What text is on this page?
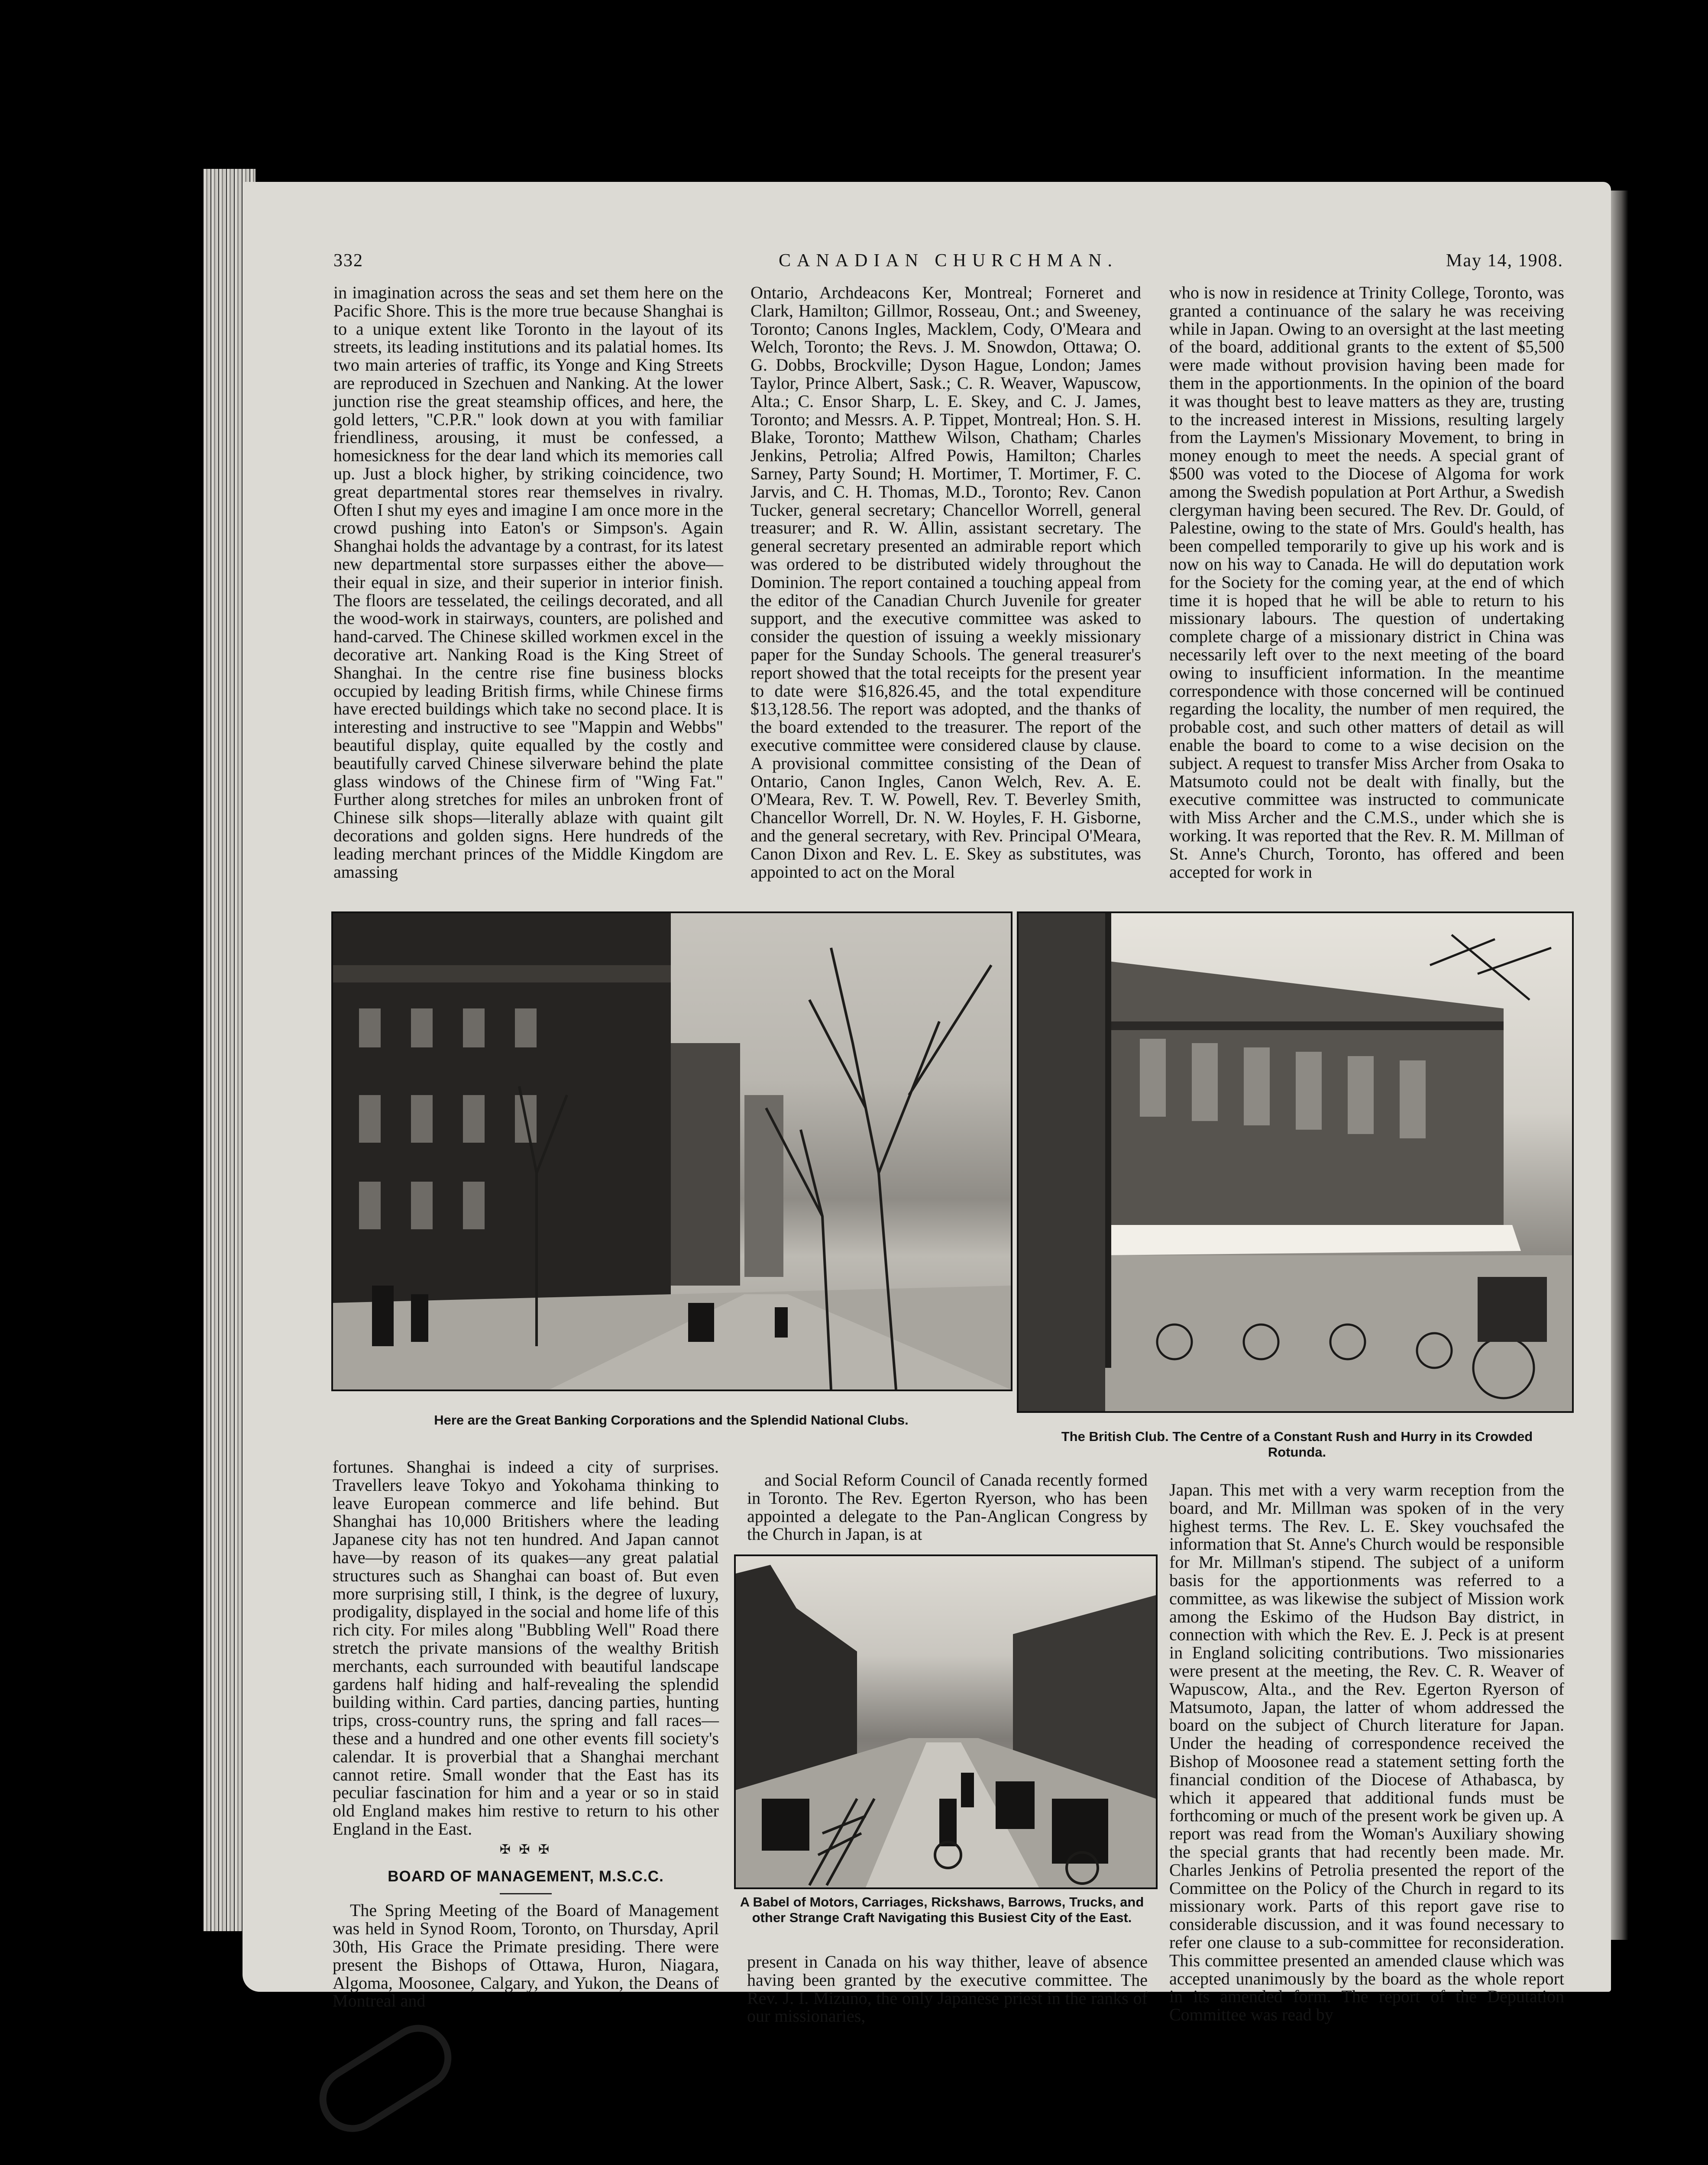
332	CANADIAN CHURCHMAN.	May 14, 1908.

in imagination across the seas and set them here on the Pacific Shore. This is the more true because Shanghai is to a unique extent like Toronto in the layout of its streets, its leading institutions and its palatial homes. Its two main arteries of traffic, its Yonge and King Streets are reproduced in Szechuen and Nanking. At the lower junction rise the great steamship offices, and here, the gold letters, "C.P.R." look down at you with familiar friendliness, arousing, it must be confessed, a homesickness for the dear land which its memories call up. Just a block higher, by striking coincidence, two great departmental stores rear themselves in rivalry. Often I shut my eyes and imagine I am once more in the crowd pushing into Eaton's or Simpson's. Again Shanghai holds the advantage by a contrast, for its latest new departmental store surpasses either the above—their equal in size, and their superior in interior finish. The floors are tesselated, the ceilings decorated, and all the wood-work in stairways, counters, are polished and hand-carved. The Chinese skilled workmen excel in the decorative art. Nanking Road is the King Street of Shanghai. In the centre rise fine business blocks occupied by leading British firms, while Chinese firms have erected buildings which take no second place. It is interesting and instructive to see "Mappin and Webbs" beautiful display, quite equalled by the costly and beautifully carved Chinese silverware behind the plate glass windows of the Chinese firm of "Wing Fat." Further along stretches for miles an unbroken front of Chinese silk shops—literally ablaze with quaint gilt decorations and golden signs. Here hundreds of the leading merchant princes of the Middle Kingdom are amassing

Ontario, Archdeacons Ker, Montreal; Forneret and Clark, Hamilton; Gillmor, Rosseau, Ont.; and Sweeney, Toronto; Canons Ingles, Macklem, Cody, O'Meara and Welch, Toronto; the Revs. J. M. Snowdon, Ottawa; O. G. Dobbs, Brockville; Dyson Hague, London; James Taylor, Prince Albert, Sask.; C. R. Weaver, Wapuscow, Alta.; C. Ensor Sharp, L. E. Skey, and C. J. James, Toronto; and Messrs. A. P. Tippet, Montreal; Hon. S. H. Blake, Toronto; Matthew Wilson, Chatham; Charles Jenkins, Petrolia; Alfred Powis, Hamilton; Charles Sarney, Party Sound; H. Mortimer, T. Mortimer, F. C. Jarvis, and C. H. Thomas, M.D., Toronto; Rev. Canon Tucker, general secretary; Chancellor Worrell, general treasurer; and R. W. Allin, assistant secretary. The general secretary presented an admirable report which was ordered to be distributed widely throughout the Dominion. The report contained a touching appeal from the editor of the Canadian Church Juvenile for greater support, and the executive committee was asked to consider the question of issuing a weekly missionary paper for the Sunday Schools. The general treasurer's report showed that the total receipts for the present year to date were $16,826.45, and the total expenditure $13,128.56. The report was adopted, and the thanks of the board extended to the treasurer. The report of the executive committee were considered clause by clause. A provisional committee consisting of the Dean of Ontario, Canon Ingles, Canon Welch, Rev. A. E. O'Meara, Rev. T. W. Powell, Rev. T. Beverley Smith, Chancellor Worrell, Dr. N. W. Hoyles, F. H. Gisborne, and the general secretary, with Rev. Principal O'Meara, Canon Dixon and Rev. L. E. Skey as substitutes, was appointed to act on the Moral

who is now in residence at Trinity College, Toronto, was granted a continuance of the salary he was receiving while in Japan. Owing to an oversight at the last meeting of the board, additional grants to the extent of $5,500 were made without provision having been made for them in the apportionments. In the opinion of the board it was thought best to leave matters as they are, trusting to the increased interest in Missions, resulting largely from the Laymen's Missionary Movement, to bring in money enough to meet the needs. A special grant of $500 was voted to the Diocese of Algoma for work among the Swedish population at Port Arthur, a Swedish clergyman having been secured. The Rev. Dr. Gould, of Palestine, owing to the state of Mrs. Gould's health, has been compelled temporarily to give up his work and is now on his way to Canada. He will do deputation work for the Society for the coming year, at the end of which time it is hoped that he will be able to return to his missionary labours. The question of undertaking complete charge of a missionary district in China was necessarily left over to the next meeting of the board owing to insufficient information. In the meantime correspondence with those concerned will be continued regarding the locality, the number of men required, the probable cost, and such other matters of detail as will enable the board to come to a wise decision on the subject. A request to transfer Miss Archer from Osaka to Matsumoto could not be dealt with finally, but the executive committee was instructed to communicate with Miss Archer and the C.M.S., under which she is working. It was reported that the Rev. R. M. Millman of St. Anne's Church, Toronto, has offered and been accepted for work in

Here are the Great Banking Corporations and the Splendid National Clubs.
The British Club. The Centre of a Constant Rush and Hurry in its Crowded Rotunda.

fortunes. Shanghai is indeed a city of surprises. Travellers leave Tokyo and Yokohama thinking to leave European commerce and life behind. But Shanghai has 10,000 Britishers where the leading Japanese city has not ten hundred. And Japan cannot have—by reason of its quakes—any great palatial structures such as Shanghai can boast of. But even more surprising still, I think, is the degree of luxury, prodigality, displayed in the social and home life of this rich city. For miles along "Bubbling Well" Road there stretch the private mansions of the wealthy British merchants, each surrounded with beautiful landscape gardens half hiding and half-revealing the splendid building within. Card parties, dancing parties, hunting trips, cross-country runs, the spring and fall races—these and a hundred and one other events fill society's calendar. It is proverbial that a Shanghai merchant cannot retire. Small wonder that the East has its peculiar fascination for him and a year or so in staid old England makes him restive to return to his other England in the East.

✠ ✠ ✠
BOARD OF MANAGEMENT, M.S.C.C.

The Spring Meeting of the Board of Management was held in Synod Room, Toronto, on Thursday, April 30th, His Grace the Primate presiding. There were present the Bishops of Ottawa, Huron, Niagara, Algoma, Moosonee, Calgary, and Yukon, the Deans of Montreal and

and Social Reform Council of Canada recently formed in Toronto. The Rev. Egerton Ryerson, who has been appointed a delegate to the Pan-Anglican Congress by the Church in Japan, is at

A Babel of Motors, Carriages, Rickshaws, Barrows, Trucks, and other Strange Craft Navigating this Busiest City of the East.

present in Canada on his way thither, leave of absence having been granted by the executive committee. The Rev. J. I. Mizuno, the only Japanese priest in the ranks of our missionaries,

Japan. This met with a very warm reception from the board, and Mr. Millman was spoken of in the very highest terms. The Rev. L. E. Skey vouchsafed the information that St. Anne's Church would be responsible for Mr. Millman's stipend. The subject of a uniform basis for the apportionments was referred to a committee, as was likewise the subject of Mission work among the Eskimo of the Hudson Bay district, in connection with which the Rev. E. J. Peck is at present in England soliciting contributions. Two missionaries were present at the meeting, the Rev. C. R. Weaver of Wapuscow, Alta., and the Rev. Egerton Ryerson of Matsumoto, Japan, the latter of whom addressed the board on the subject of Church literature for Japan. Under the heading of correspondence received the Bishop of Moosonee read a statement setting forth the financial condition of the Diocese of Athabasca, by which it appeared that additional funds must be forthcoming or much of the present work be given up. A report was read from the Woman's Auxiliary showing the special grants that had recently been made. Mr. Charles Jenkins of Petrolia presented the report of the Committee on the Policy of the Church in regard to its missionary work. Parts of this report gave rise to considerable discussion, and it was found necessary to refer one clause to a sub-committee for reconsideration. This committee presented an amended clause which was accepted unanimously by the board as the whole report in its amended form. The report of the Deputation Committee was read by
